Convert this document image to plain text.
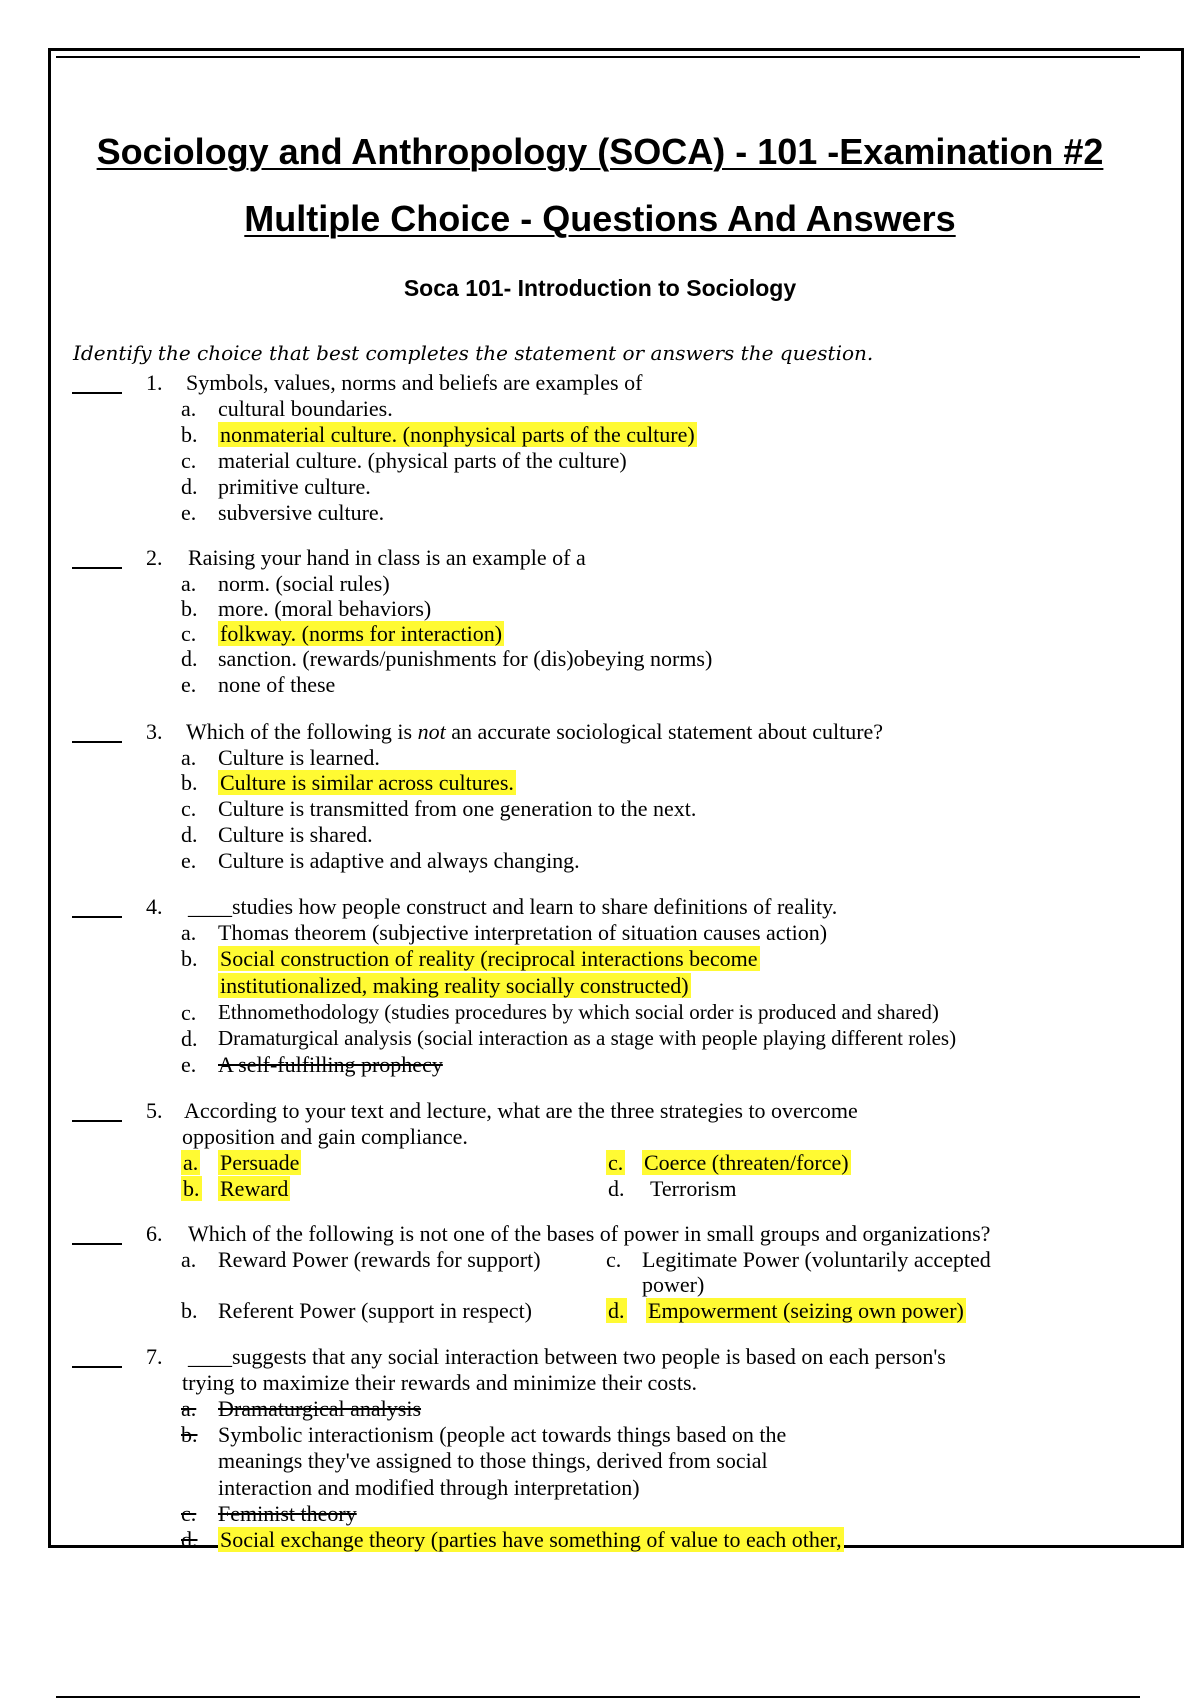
Sociology and Anthropology (SOCA) - 101 -Examination #2
Multiple Choice - Questions And Answers
Soca 101- Introduction to Sociology
Identify the choice that best completes the statement or answers the question.
1. Symbols, values, norms and beliefs are examples of
a. cultural boundaries.
b. nonmaterial culture. (nonphysical parts of the culture)
c. material culture. (physical parts of the culture)
d. primitive culture.
e. subversive culture.
2. Raising your hand in class is an example of a
a. norm. (social rules)
b. more. (moral behaviors)
c. folkway. (norms for interaction)
d. sanction. (rewards/punishments for (dis)obeying norms)
e. none of these
3. Which of the following is not an accurate sociological statement about culture?
a. Culture is learned.
b. Culture is similar across cultures.
c. Culture is transmitted from one generation to the next.
d. Culture is shared.
e. Culture is adaptive and always changing.
4. ____studies how people construct and learn to share definitions of reality.
a. Thomas theorem (subjective interpretation of situation causes action)
b. Social construction of reality (reciprocal interactions become
institutionalized, making reality socially constructed)
c. Ethnomethodology (studies procedures by which social order is produced and shared)
d. Dramaturgical analysis (social interaction as a stage with people playing different roles)
e. A self-fulfilling prophecy
5. According to your text and lecture, what are the three strategies to overcome
opposition and gain compliance.
a. Persuade
b. Reward
c. Coerce (threaten/force)
d. Terrorism
6. Which of the following is not one of the bases of power in small groups and organizations?
a. Reward Power (rewards for support)	c. Legitimate Power (voluntarily accepted
power)
b. Referent Power (support in respect)	d. Empowerment (seizing own power)
7. ____suggests that any social interaction between two people is based on each person's
trying to maximize their rewards and minimize their costs.
a. Dramaturgical analysis
b. Symbolic interactionism (people act towards things based on the
meanings they've assigned to those things, derived from social
interaction and modified through interpretation)
c. Feminist theory
d. Social exchange theory (parties have something of value to each other,
